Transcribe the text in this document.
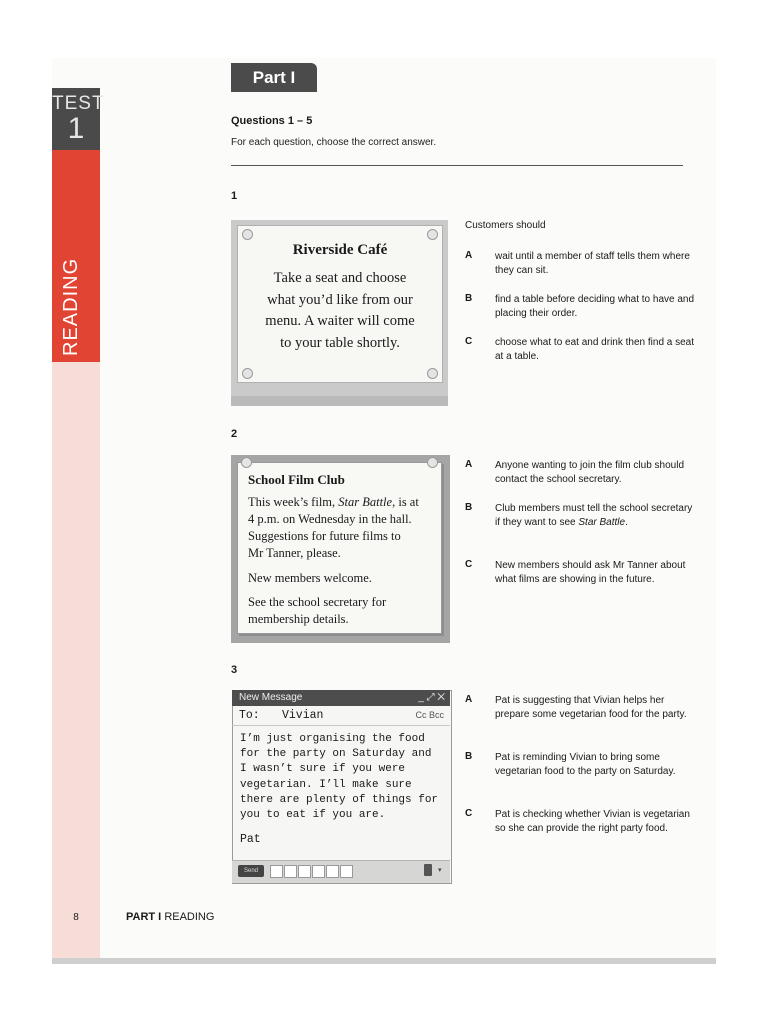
TEST
1
READING
Part I
Questions 1 – 5
For each question, choose the correct answer.
1
Riverside Café
Take a seat and choose
what you’d like from our
menu. A waiter will come
to your table shortly.
Customers should
A wait until a member of staff tells them where they can sit.
B find a table before deciding what to have and placing their order.
C choose what to eat and drink then find a seat at a table.
2
School Film Club
This week’s film, Star Battle, is at
4 p.m. on Wednesday in the hall.
Suggestions for future films to
Mr Tanner, please.
New members welcome.
See the school secretary for
membership details.
A Anyone wanting to join the film club should contact the school secretary.
B Club members must tell the school secretary if they want to see Star Battle.
C New members should ask Mr Tanner about what films are showing in the future.
3
New Message	_ ⤢ ✕
To: Vivian	Cc Bcc
I’m just organising the food
for the party on Saturday and
I wasn’t sure if you were
vegetarian. I’ll make sure
there are plenty of things for
you to eat if you are.
Pat
Send	▾
A Pat is suggesting that Vivian helps her prepare some vegetarian food for the party.
B Pat is reminding Vivian to bring some vegetarian food to the party on Saturday.
C Pat is checking whether Vivian is vegetarian so she can provide the right party food.
8	PART I READING
